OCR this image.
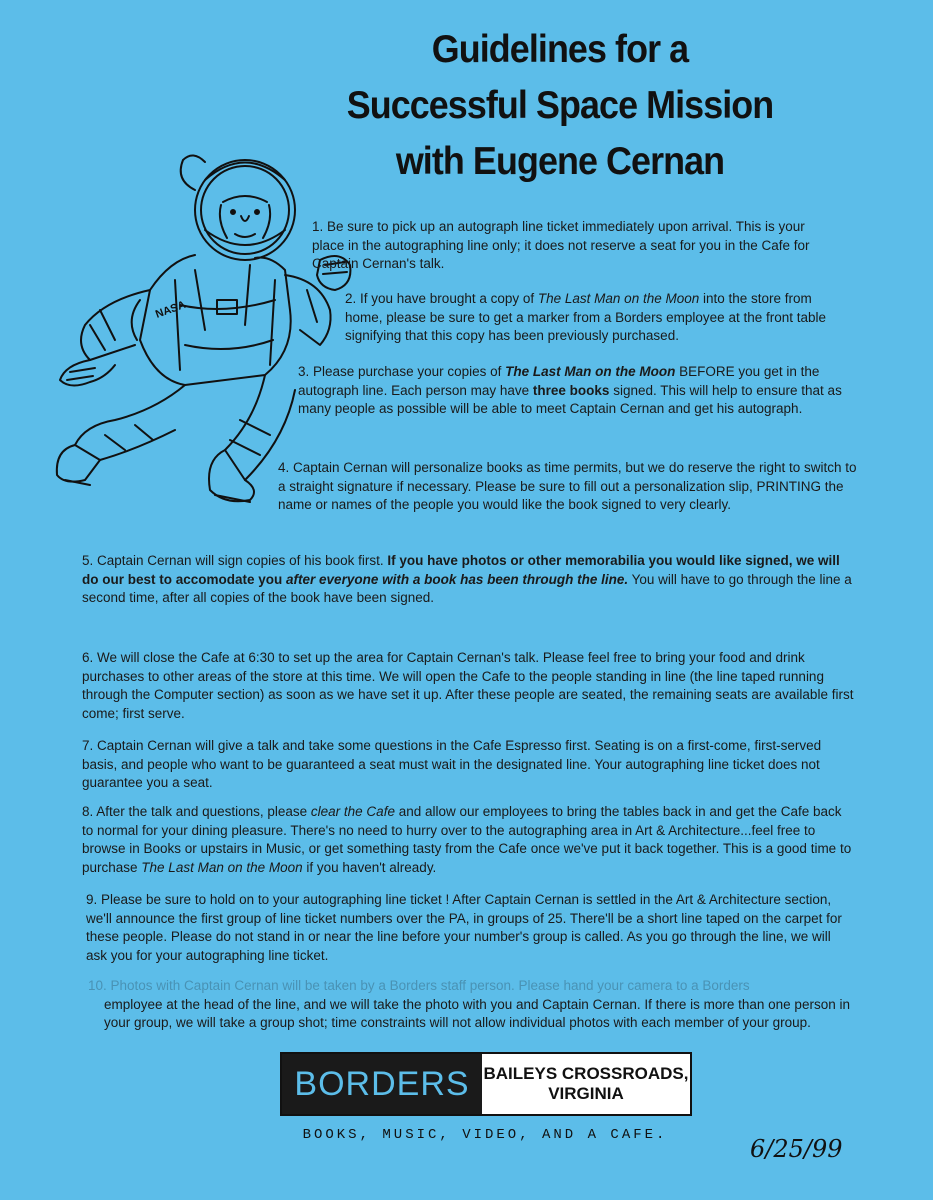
Guidelines for a
Successful Space Mission
with Eugene Cernan
NASA
1. Be sure to pick up an autograph line ticket immediately upon arrival. This is your place in the autographing line only; it does not reserve a seat for you in the Cafe for Captain Cernan's talk.
2. If you have brought a copy of The Last Man on the Moon into the store from home, please be sure to get a marker from a Borders employee at the front table signifying that this copy has been previously purchased.
3. Please purchase your copies of The Last Man on the Moon BEFORE you get in the autograph line. Each person may have three books signed. This will help to ensure that as many people as possible will be able to meet Captain Cernan and get his autograph.
4. Captain Cernan will personalize books as time permits, but we do reserve the right to switch to a straight signature if necessary. Please be sure to fill out a personalization slip, PRINTING the name or names of the people you would like the book signed to very clearly.
5. Captain Cernan will sign copies of his book first. If you have photos or other memorabilia you would like signed, we will do our best to accomodate you after everyone with a book has been through the line. You will have to go through the line a second time, after all copies of the book have been signed.
6. We will close the Cafe at 6:30 to set up the area for Captain Cernan's talk. Please feel free to bring your food and drink purchases to other areas of the store at this time. We will open the Cafe to the people standing in line (the line taped running through the Computer section) as soon as we have set it up. After these people are seated, the remaining seats are available first come; first serve.
7. Captain Cernan will give a talk and take some questions in the Cafe Espresso first. Seating is on a first-come, first-served basis, and people who want to be guaranteed a seat must wait in the designated line. Your autographing line ticket does not guarantee you a seat.
8. After the talk and questions, please clear the Cafe and allow our employees to bring the tables back in and get the Cafe back to normal for your dining pleasure. There's no need to hurry over to the autographing area in Art & Architecture...feel free to browse in Books or upstairs in Music, or get something tasty from the Cafe once we've put it back together. This is a good time to purchase The Last Man on the Moon if you haven't already.
9. Please be sure to hold on to your autographing line ticket ! After Captain Cernan is settled in the Art & Architecture section, we'll announce the first group of line ticket numbers over the PA, in groups of 25. There'll be a short line taped on the carpet for these people. Please do not stand in or near the line before your number's group is called. As you go through the line, we will ask you for your autographing line ticket.
10. Photos with Captain Cernan will be taken by a Borders staff person. Please hand your camera to a Borders
employee at the head of the line, and we will take the photo with you and Captain Cernan. If there is more than one person in your group, we will take a group shot; time constraints will not allow individual photos with each member of your group.
BORDERS BAILEYS CROSSROADS,
VIRGINIA
BOOKS, MUSIC, VIDEO, AND A CAFE.	6/25/99
